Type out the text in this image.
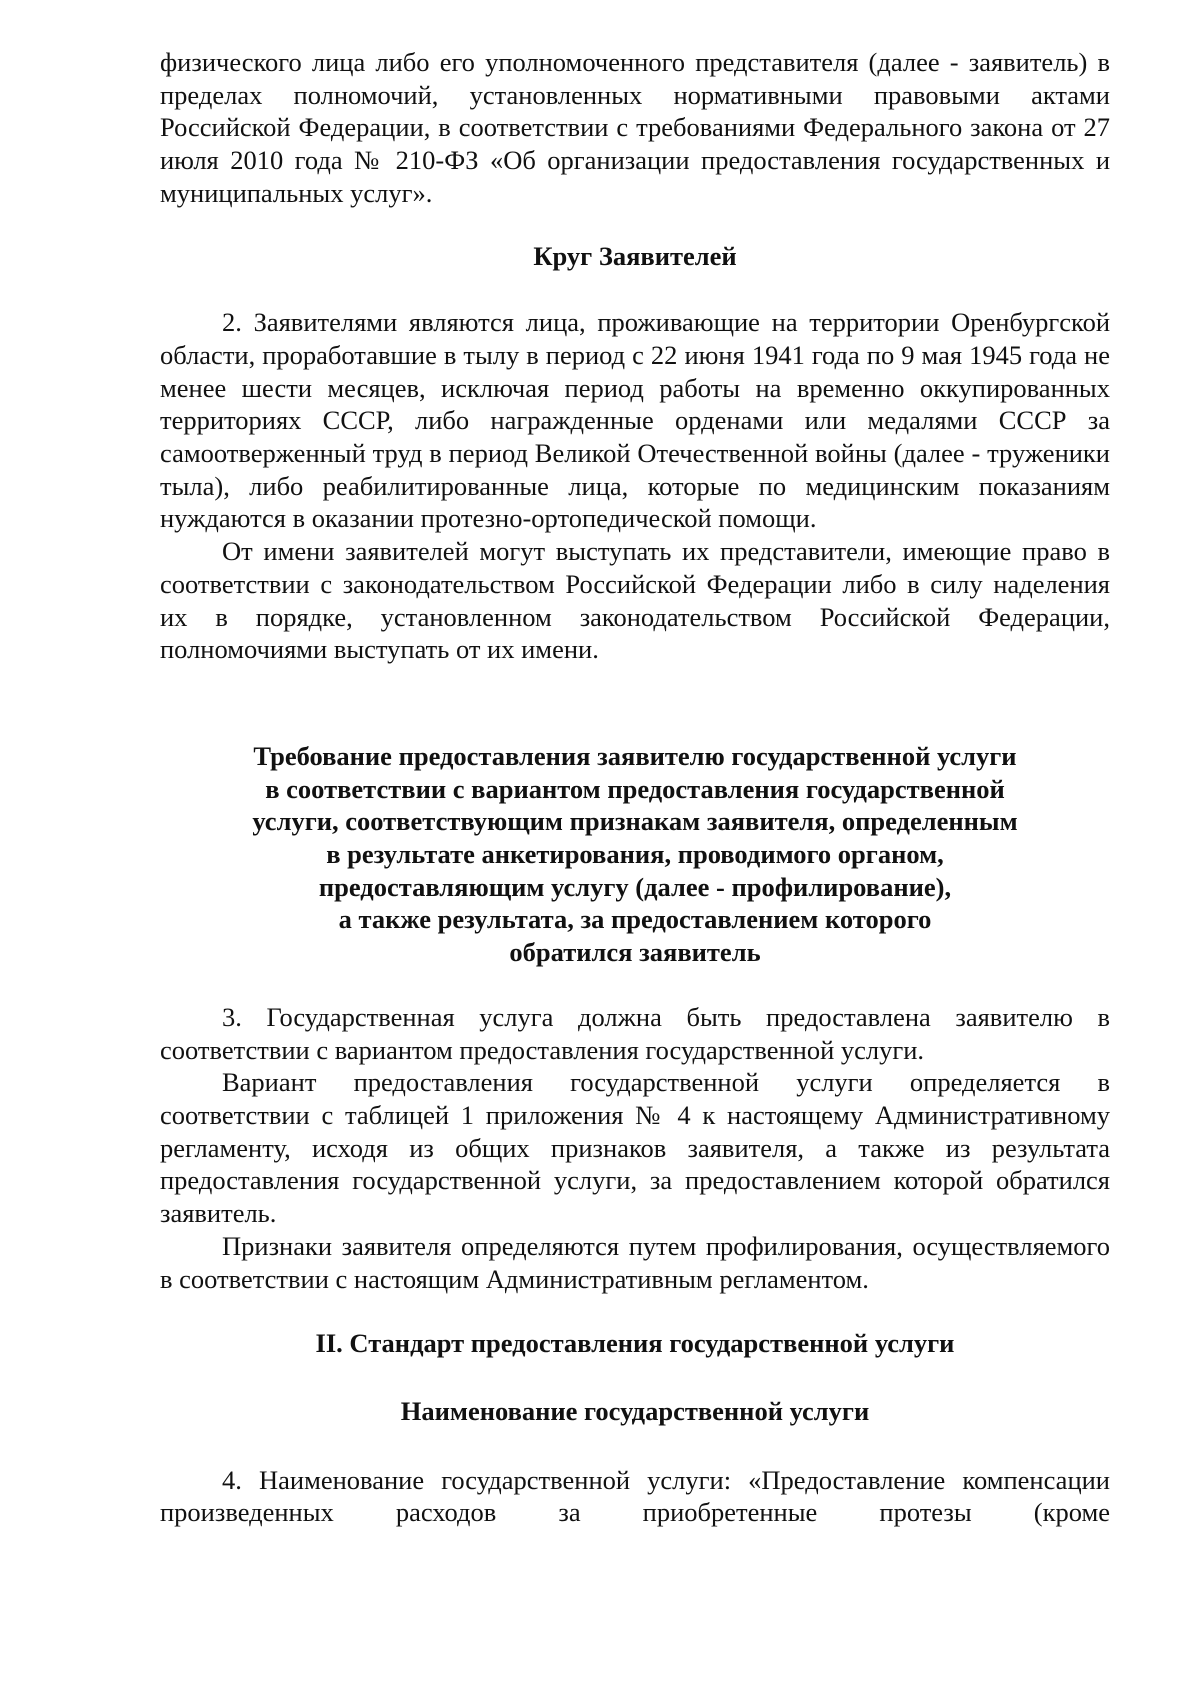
физического лица либо его уполномоченного представителя (далее - заявитель) в пределах полномочий, установленных нормативными правовыми актами Российской Федерации, в соответствии с требованиями Федерального закона от 27 июля 2010 года № 210-ФЗ «Об организации предоставления государственных и муниципальных услуг».

Круг Заявителей

2. Заявителями являются лица, проживающие на территории Оренбургской области, проработавшие в тылу в период с 22 июня 1941 года по 9 мая 1945 года не менее шести месяцев, исключая период работы на временно оккупированных территориях СССР, либо награжденные орденами или медалями СССР за самоотверженный труд в период Великой Отечественной войны (далее - труженики тыла), либо реабилитированные лица, которые по медицинским показаниям нуждаются в оказании протезно-ортопедической помощи.

От имени заявителей могут выступать их представители, имеющие право в соответствии с законодательством Российской Федерации либо в силу наделения их в порядке, установленном законодательством Российской Федерации, полномочиями выступать от их имени.

Требование предоставления заявителю государственной услуги
в соответствии с вариантом предоставления государственной
услуги, соответствующим признакам заявителя, определенным
в результате анкетирования, проводимого органом,
предоставляющим услугу (далее - профилирование),
а также результата, за предоставлением которого
обратился заявитель

3. Государственная услуга должна быть предоставлена заявителю в соответствии с вариантом предоставления государственной услуги.

Вариант предоставления государственной услуги определяется в соответствии с таблицей 1 приложения № 4 к настоящему Административному регламенту, исходя из общих признаков заявителя, а также из результата предоставления государственной услуги, за предоставлением которой обратился заявитель.

Признаки заявителя определяются путем профилирования, осуществляемого в соответствии с настоящим Административным регламентом.

II. Стандарт предоставления государственной услуги
Наименование государственной услуги

4. Наименование государственной услуги: «Предоставление компенсации произведенных расходов за приобретенные протезы (кроме
